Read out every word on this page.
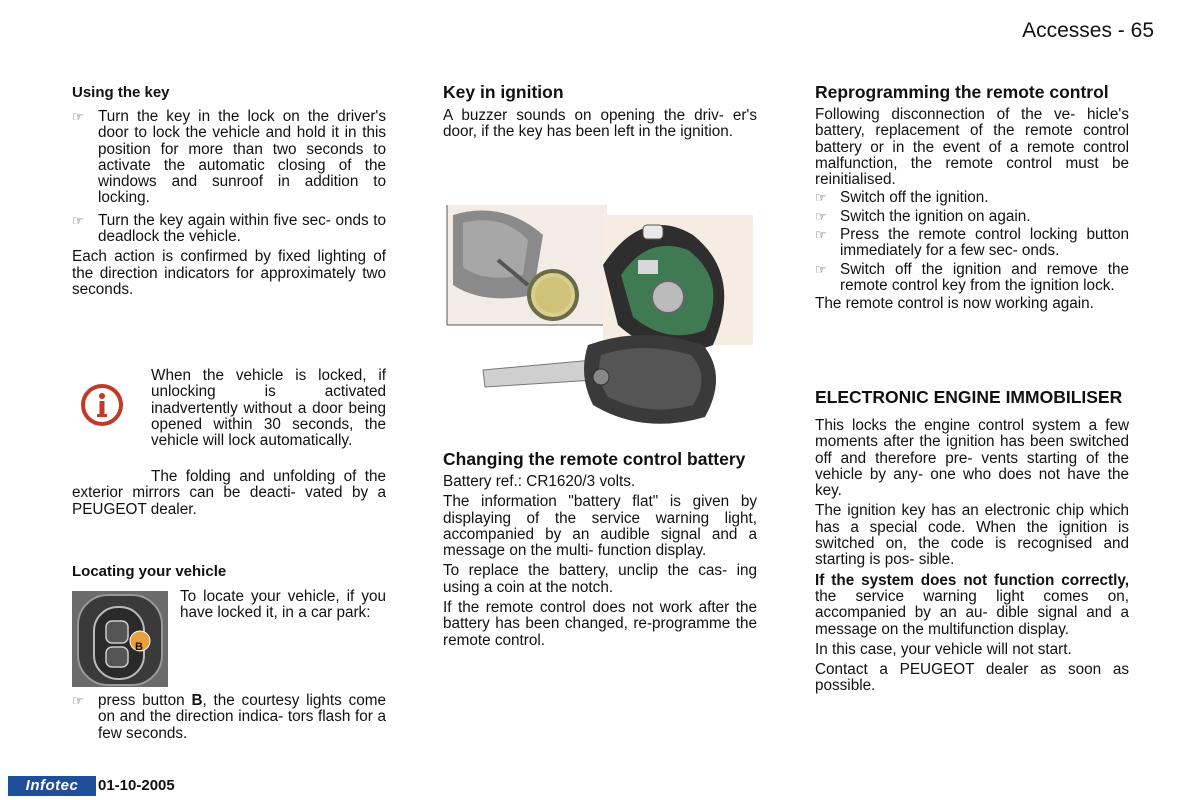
Accesses - 65
Using the key
☞ Turn the key in the lock on the driver's door to lock the vehicle and hold it in this position for more than two seconds to activate the automatic closing of the windows and sunroof in addition to locking.
☞ Turn the key again within five sec- onds to deadlock the vehicle.

Each action is confirmed by fixed lighting of the direction indicators for approximately two seconds.

When the vehicle is locked, if unlocking is activated inadvertently without a door being opened within 30 seconds, the vehicle will lock automatically.

The folding and unfolding of the exterior mirrors can be deacti- vated by a PEUGEOT dealer.

Locating your vehicle
B

To locate your vehicle, if you have locked it, in a car park:

☞ press button B, the courtesy lights come on and the direction indica- tors flash for a few seconds.
Key in ignition

A buzzer sounds on opening the driv- er's door, if the key has been left in the ignition.

Changing the remote control battery

Battery ref.: CR1620/3 volts.

The information "battery flat" is given by displaying of the service warning light, accompanied by an audible signal and a message on the multi- function display.

To replace the battery, unclip the cas- ing using a coin at the notch.

If the remote control does not work after the battery has been changed, re-programme the remote control.

Reprogramming the remote control

Following disconnection of the ve- hicle's battery, replacement of the remote control battery or in the event of a remote control malfunction, the remote control must be reinitialised.

☞ Switch off the ignition.
☞ Switch the ignition on again.
☞ Press the remote control locking button immediately for a few sec- onds.
☞ Switch off the ignition and remove the remote control key from the ignition lock.

The remote control is now working again.

ELECTRONIC ENGINE IMMOBILISER

This locks the engine control system a few moments after the ignition has been switched off and therefore pre- vents starting of the vehicle by any- one who does not have the key.

The ignition key has an electronic chip which has a special code. When the ignition is switched on, the code is recognised and starting is pos- sible.

If the system does not function correctly, the service warning light comes on, accompanied by an au- dible signal and a message on the multifunction display.

In this case, your vehicle will not start.

Contact a PEUGEOT dealer as soon as possible.

Infotec	01-10-2005
